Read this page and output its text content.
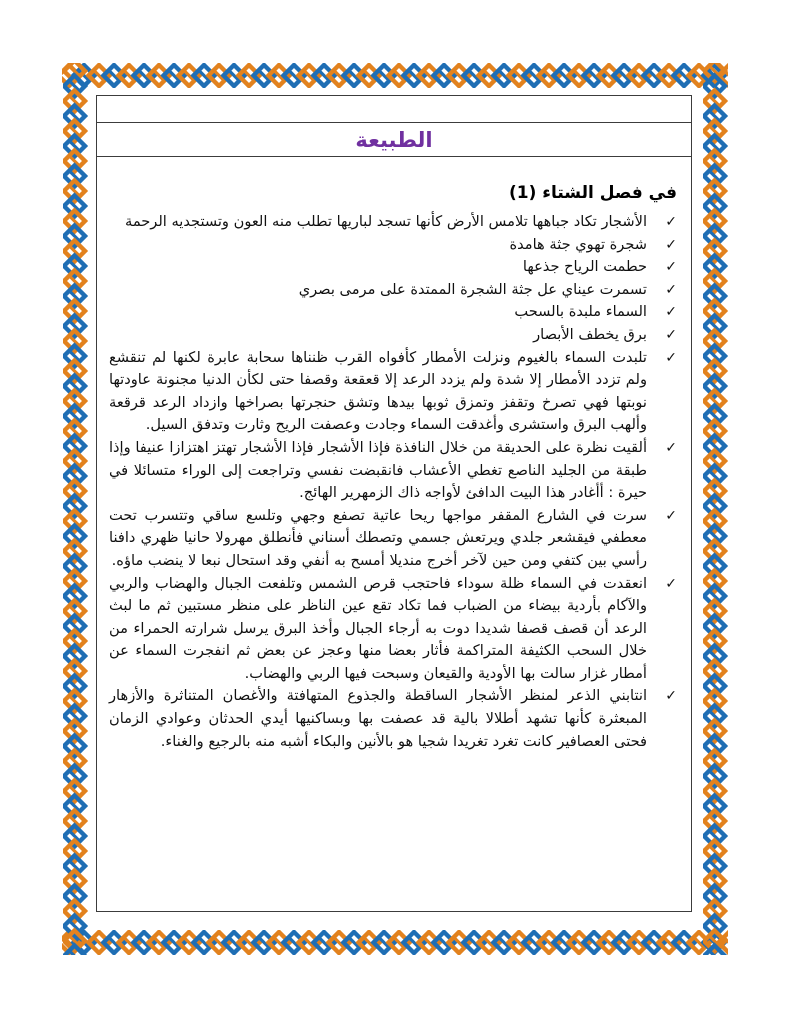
الطبيعة
في فصل الشتاء (1)
✓
الأشجار تكاد جباهها تلامس الأرض كأنها تسجد لباريها تطلب منه العون وتستجديه الرحمة
✓
شجرة تهوي جثة هامدة
✓
حطمت الرياح جذعها
✓
تسمرت عيناي عل جثة الشجرة الممتدة على مرمى بصري
✓
السماء ملبدة بالسحب
✓
برق يخطف الأبصار
✓
تلبدت السماء بالغيوم ونزلت الأمطار كأفواه القرب ظنناها سحابة عابرة لكنها لم تنقشع ولم تزدد الأمطار إلا شدة ولم يزدد الرعد إلا قعقعة وقصفا حتى لكأن الدنيا مجنونة عاودتها نوبتها فهي تصرخ وتقفز وتمزق ثوبها بيدها وتشق حنجرتها بصراخها وازداد الرعد قرقعة وألهب البرق واستشرى وأغدقت السماء وجادت وعصفت الريح وثارت وتدفق السيل.
✓
ألقيت نظرة على الحديقة من خلال النافذة فإذا الأشجار فإذا الأشجار تهتز اهتزازا عنيفا وإذا طبقة من الجليد الناصع تغطي الأعشاب فانقبضت نفسي وتراجعت إلى الوراء متسائلا في حيرة : أأغادر هذا البيت الدافئ لأواجه ذاك الزمهرير الهائج.
✓
سرت في الشارع المقفر مواجها ريحا عاتية تصفع وجهي وتلسع ساقي وتتسرب تحت معطفي فيقشعر جلدي ويرتعش جسمي وتصطك أسناني فأنطلق مهرولا حانيا ظهري دافنا رأسي بين كتفي ومن حين لآخر أخرج منديلا أمسح به أنفي وقد استحال نبعا لا ينضب ماؤه.
✓
انعقدت في السماء ظلة سوداء فاحتجب قرص الشمس وتلفعت الجبال والهضاب والربي والآكام بأردية بيضاء من الضباب فما تكاد تقع عين الناظر على منظر مستبين ثم ما لبث الرعد أن قصف قصفا شديدا دوت به أرجاء الجبال وأخذ البرق يرسل شرارته الحمراء من خلال السحب الكثيفة المتراكمة فأثار بعضا منها وعجز عن بعض ثم انفجرت السماء عن أمطار غزار سالت بها الأودية والقيعان وسبحت فيها الربي والهضاب.
✓
انتابني الذعر لمنظر الأشجار الساقطة والجذوع المتهافتة والأغصان المتناثرة والأزهار المبعثرة كأنها تشهد أطلالا بالية قد عصفت بها وبساكنيها أيدي الحدثان وعوادي الزمان فحتى العصافير كانت تغرد تغريدا شجيا هو بالأنين والبكاء أشبه منه بالرجيع والغناء.
